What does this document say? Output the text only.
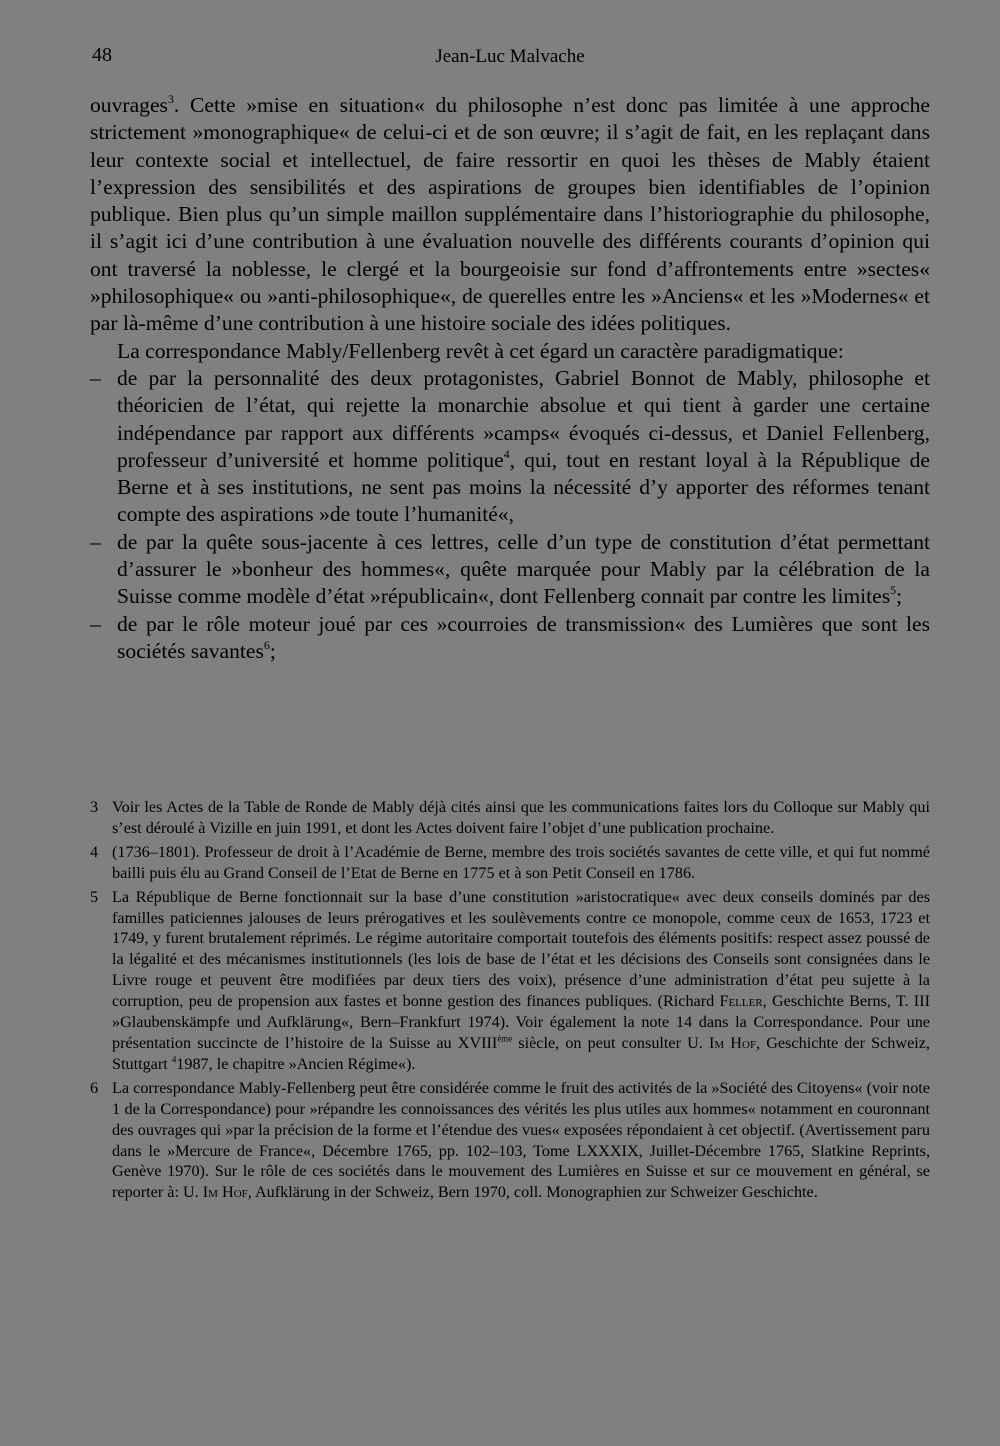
48	Jean-Luc Malvache

ouvrages$^3$. Cette »mise en situation« du philosophe n’est donc pas limitée à une approche strictement »monographique« de celui-ci et de son œuvre; il s’agit de fait, en les replaçant dans leur contexte social et intellectuel, de faire ressortir en quoi les thèses de Mably étaient l’expression des sensibilités et des aspirations de groupes bien identifiables de l’opinion publique. Bien plus qu’un simple maillon supplémentaire dans l’historiographie du philosophe, il s’agit ici d’une contribution à une évaluation nouvelle des différents courants d’opinion qui ont traversé la noblesse, le clergé et la bourgeoisie sur fond d’affrontements entre »sectes« »philosophique« ou »anti-philosophique«, de querelles entre les »Anciens« et les »Modernes« et par là-même d’une contribution à une histoire sociale des idées politiques.

La correspondance Mably/Fellenberg revêt à cet égard un caractère paradigmatique:

– de par la personnalité des deux protagonistes, Gabriel Bonnot de Mably, philosophe et théoricien de l’état, qui rejette la monarchie absolue et qui tient à garder une certaine indépendance par rapport aux différents »camps« évoqués ci-dessus, et Daniel Fellenberg, professeur d’université et homme politique$^4$, qui, tout en restant loyal à la République de Berne et à ses institutions, ne sent pas moins la nécessité d’y apporter des réformes tenant compte des aspirations »de toute l’humanité«,
– de par la quête sous-jacente à ces lettres, celle d’un type de constitution d’état permettant d’assurer le »bonheur des hommes«, quête marquée pour Mably par la célébration de la Suisse comme modèle d’état »républicain«, dont Fellenberg connait par contre les limites$^5$;
– de par le rôle moteur joué par ces »courroies de transmission« des Lumières que sont les sociétés savantes$^6$;
3 Voir les Actes de la Table de Ronde de Mably déjà cités ainsi que les communications faites lors du Colloque sur Mably qui s’est déroulé à Vizille en juin 1991, et dont les Actes doivent faire l’objet d’une publication prochaine.
4 (1736–1801). Professeur de droit à l’Académie de Berne, membre des trois sociétés savantes de cette ville, et qui fut nommé bailli puis élu au Grand Conseil de l’Etat de Berne en 1775 et à son Petit Conseil en 1786.
5 La République de Berne fonctionnait sur la base d’une constitution »aristocratique« avec deux conseils dominés par des familles paticiennes jalouses de leurs prérogatives et les soulèvements contre ce monopole, comme ceux de 1653, 1723 et 1749, y furent brutalement réprimés. Le régime autoritaire comportait toutefois des éléments positifs: respect assez poussé de la légalité et des mécanismes institutionnels (les lois de base de l’état et les décisions des Conseils sont consignées dans le Livre rouge et peuvent être modifiées par deux tiers des voix), présence d’une administration d’état peu sujette à la corruption, peu de propension aux fastes et bonne gestion des finances publiques. (Richard Feller, Geschichte Berns, T. III »Glaubenskämpfe und Aufklärung«, Bern–Frankfurt 1974). Voir également la note 14 dans la Correspondance. Pour une présentation succincte de l’histoire de la Suisse au XVIIIème siècle, on peut consulter U. Im Hof, Geschichte der Schweiz, Stuttgart $^4$1987, le chapitre »Ancien Régime«).
6 La correspondance Mably-Fellenberg peut être considérée comme le fruit des activités de la »Société des Citoyens« (voir note 1 de la Correspondance) pour »répandre les connoissances des vérités les plus utiles aux hommes« notamment en couronnant des ouvrages qui »par la précision de la forme et l’étendue des vues« exposées répondaient à cet objectif. (Avertissement paru dans le »Mercure de France«, Décembre 1765, pp. 102–103, Tome LXXXIX, Juillet-Décembre 1765, Slatkine Reprints, Genève 1970). Sur le rôle de ces sociétés dans le mouvement des Lumières en Suisse et sur ce mouvement en général, se reporter à: U. Im Hof, Aufklärung in der Schweiz, Bern 1970, coll. Monographien zur Schweizer Geschichte.
